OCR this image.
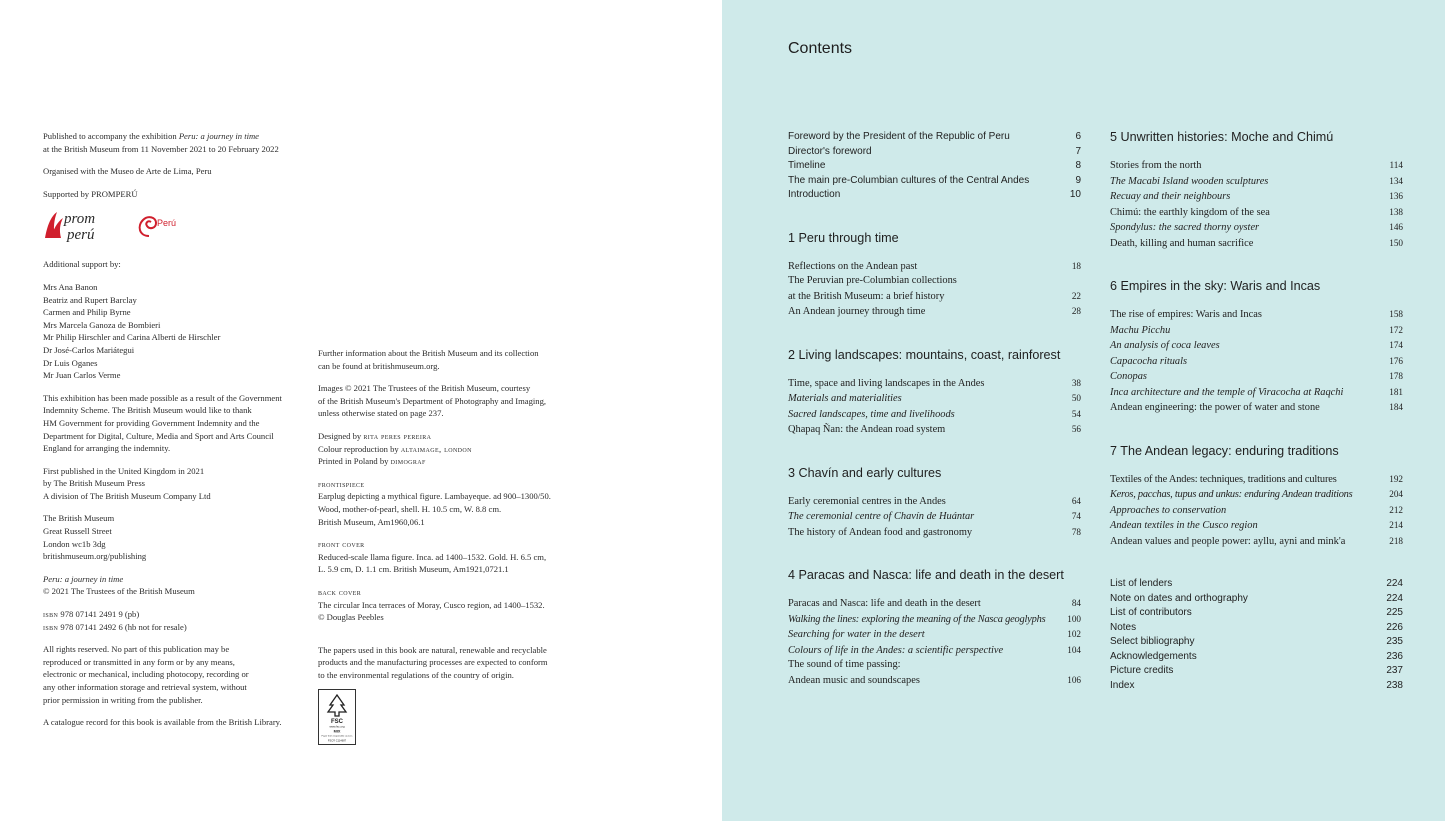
Published to accompany the exhibition Peru: a journey in time

at the British Museum from 11 November 2021 to 20 February 2022

Organised with the Museo de Arte de Lima, Peru

Supported by PROMPERÚ

prom
perú
Perú

Additional support by:

Mrs Ana Banon

Beatriz and Rupert Barclay

Carmen and Philip Byrne

Mrs Marcela Ganoza de Bombieri

Mr Philip Hirschler and Carina Alberti de Hirschler

Dr José-Carlos Mariátegui

Dr Luis Oganes

Mr Juan Carlos Verme

This exhibition has been made possible as a result of the Government

Indemnity Scheme. The British Museum would like to thank

HM Government for providing Government Indemnity and the

Department for Digital, Culture, Media and Sport and Arts Council

England for arranging the indemnity.

First published in the United Kingdom in 2021

by The British Museum Press

A division of The British Museum Company Ltd

The British Museum

Great Russell Street

London wc1b 3dg

britishmuseum.org/publishing

Peru: a journey in time

© 2021 The Trustees of the British Museum

isbn 978 07141 2491 9 (pb)

isbn 978 07141 2492 6 (hb not for resale)

All rights reserved. No part of this publication may be

reproduced or transmitted in any form or by any means,

electronic or mechanical, including photocopy, recording or

any other information storage and retrieval system, without

prior permission in writing from the publisher.

A catalogue record for this book is available from the British Library.

Further information about the British Museum and its collection

can be found at britishmuseum.org.

Images © 2021 The Trustees of the British Museum, courtesy

of the British Museum's Department of Photography and Imaging,

unless otherwise stated on page 237.

Designed by rita peres pereira

Colour reproduction by altaimage, london

Printed in Poland by dimograf

frontispiece

Earplug depicting a mythical figure. Lambayeque. ad 900–1300/50.

Wood, mother-of-pearl, shell. H. 10.5 cm, W. 8.8 cm.

British Museum, Am1960,06.1

front cover

Reduced-scale llama figure. Inca. ad 1400–1532. Gold. H. 6.5 cm,

L. 5.9 cm, D. 1.1 cm. British Museum, Am1921,0721.1

back cover

The circular Inca terraces of Moray, Cusco region, ad 1400–1532.

© Douglas Peebles

The papers used in this book are natural, renewable and recyclable

products and the manufacturing processes are expected to conform

to the environmental regulations of the country of origin.

FSC
www.fsc.org
MIX
Paper from responsible sources
FSC® C114687
Contents
Foreword by the President of the Republic of Peru	6
Director's foreword	7
Timeline	8
The main pre-Columbian cultures of the Central Andes	9
Introduction	10
1 Peru through time
Reflections on the Andean past	18
The Peruvian pre-Columbian collections
at the British Museum: a brief history	22
An Andean journey through time	28
2 Living landscapes: mountains, coast, rainforest
Time, space and living landscapes in the Andes	38
Materials and materialities	50
Sacred landscapes, time and livelihoods	54
Qhapaq Ñan: the Andean road system	56
3 Chavín and early cultures
Early ceremonial centres in the Andes	64
The ceremonial centre of Chavín de Huántar	74
The history of Andean food and gastronomy	78
4 Paracas and Nasca: life and death in the desert
Paracas and Nasca: life and death in the desert	84
Walking the lines: exploring the meaning of the Nasca geoglyphs	100
Searching for water in the desert	102
Colours of life in the Andes: a scientific perspective	104
The sound of time passing:
Andean music and soundscapes	106
5 Unwritten histories: Moche and Chimú
Stories from the north	114
The Macabi Island wooden sculptures	134
Recuay and their neighbours	136
Chimú: the earthly kingdom of the sea	138
Spondylus: the sacred thorny oyster	146
Death, killing and human sacrifice	150
6 Empires in the sky: Waris and Incas
The rise of empires: Waris and Incas	158
Machu Picchu	172
An analysis of coca leaves	174
Capacocha rituals	176
Conopas	178
Inca architecture and the temple of Viracocha at Raqchi	181
Andean engineering: the power of water and stone	184
7 The Andean legacy: enduring traditions
Textiles of the Andes: techniques, traditions and cultures	192
Keros, pacchas, tupus and unkus: enduring Andean traditions	204
Approaches to conservation	212
Andean textiles in the Cusco region	214
Andean values and people power: ayllu, ayni and mink'a	218
List of lenders	224
Note on dates and orthography	224
List of contributors	225
Notes	226
Select bibliography	235
Acknowledgements	236
Picture credits	237
Index	238
